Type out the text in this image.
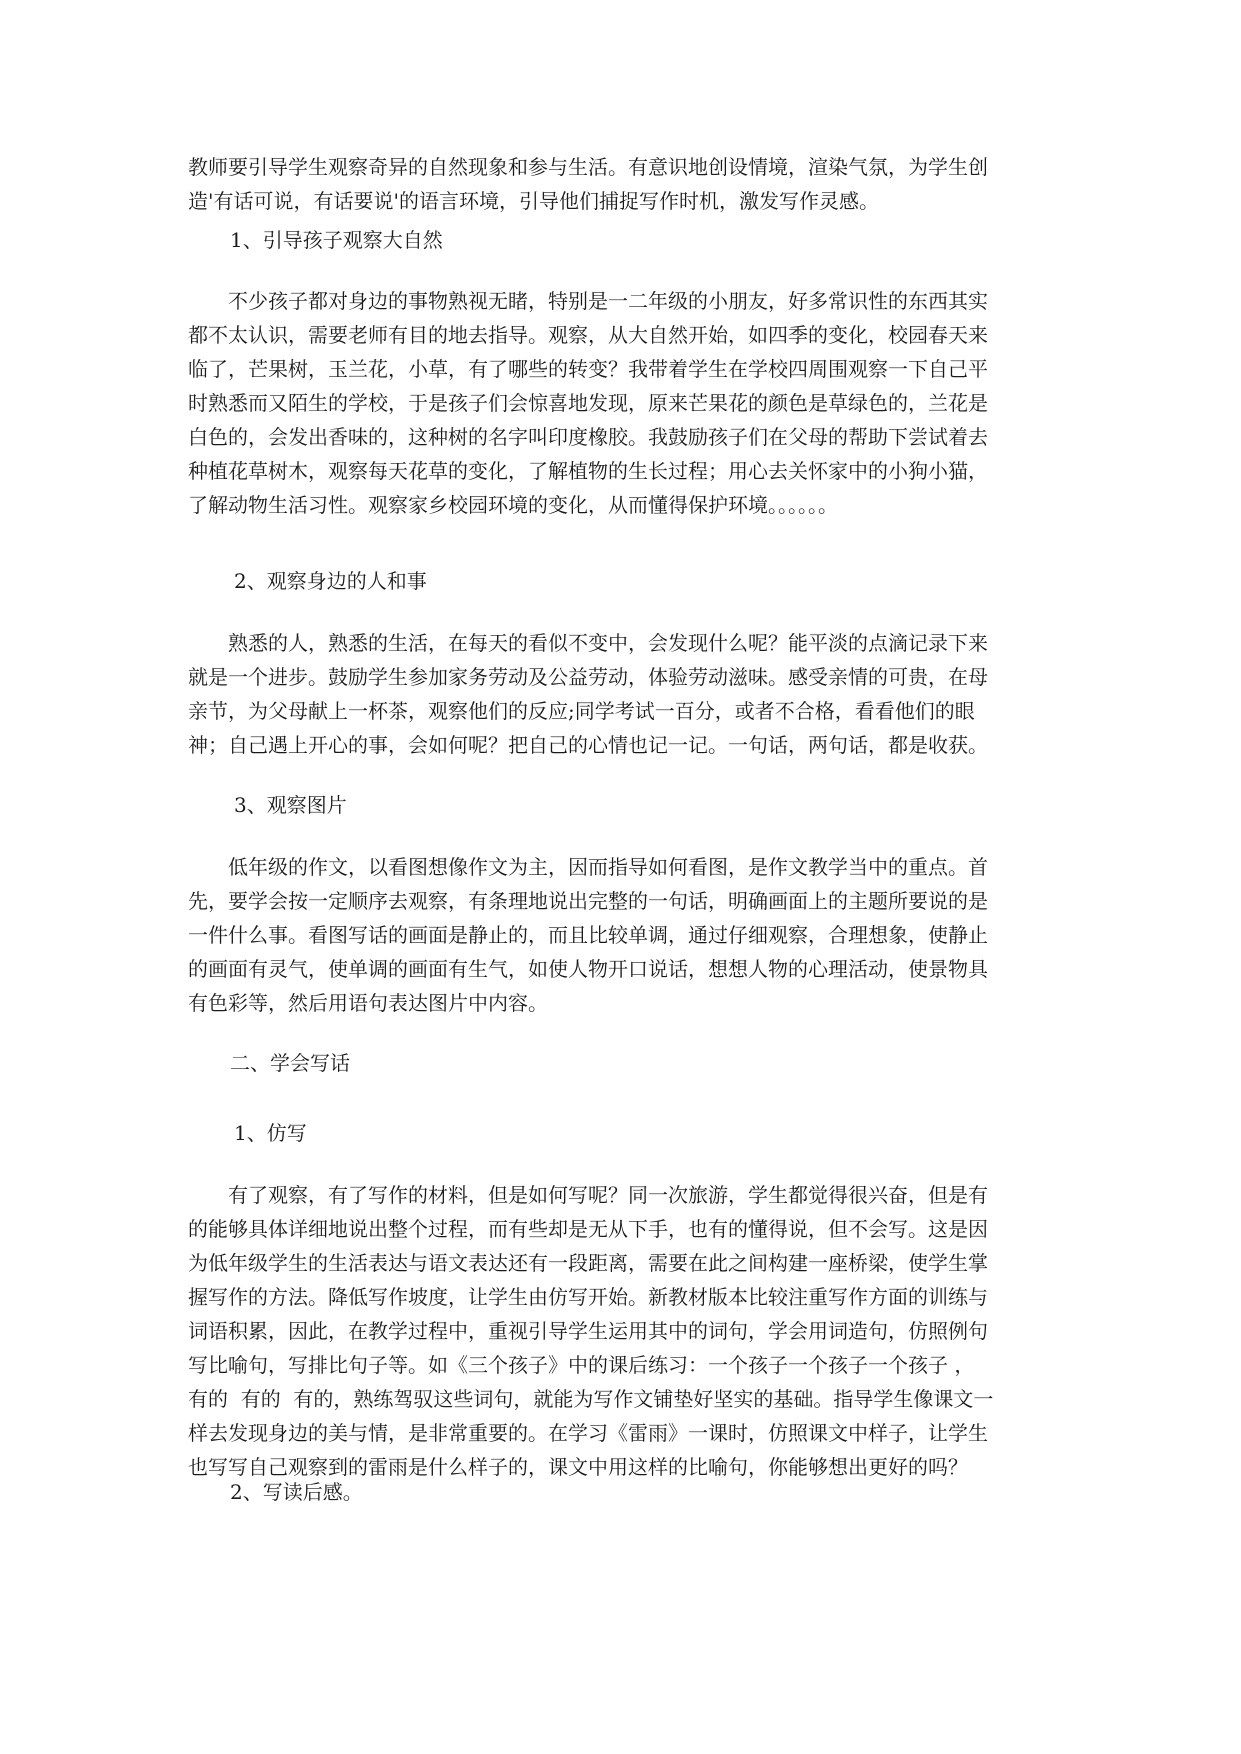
教师要引导学生观察奇异的自然现象和参与生活。有意识地创设情境，渲染气氛，为学生创
造'有话可说，有话要说'的语言环境，引导他们捕捉写作时机，激发写作灵感。
1、引导孩子观察大自然
不少孩子都对身边的事物熟视无睹，特别是一二年级的小朋友，好多常识性的东西其实
都不太认识，需要老师有目的地去指导。观察，从大自然开始，如四季的变化，校园春天来
临了，芒果树，玉兰花，小草，有了哪些的转变？我带着学生在学校四周围观察一下自己平
时熟悉而又陌生的学校，于是孩子们会惊喜地发现，原来芒果花的颜色是草绿色的，兰花是
白色的，会发出香味的，这种树的名字叫印度橡胶。我鼓励孩子们在父母的帮助下尝试着去
种植花草树木，观察每天花草的变化，了解植物的生长过程；用心去关怀家中的小狗小猫，
了解动物生活习性。观察家乡校园环境的变化，从而懂得保护环境。。。。。。
2、观察身边的人和事
熟悉的人，熟悉的生活，在每天的看似不变中，会发现什么呢？能平淡的点滴记录下来
就是一个进步。鼓励学生参加家务劳动及公益劳动，体验劳动滋味。感受亲情的可贵，在母
亲节，为父母献上一杯茶，观察他们的反应;同学考试一百分，或者不合格，看看他们的眼
神；自己遇上开心的事，会如何呢？把自己的心情也记一记。一句话，两句话，都是收获。
3、观察图片
低年级的作文，以看图想像作文为主，因而指导如何看图，是作文教学当中的重点。首
先，要学会按一定顺序去观察，有条理地说出完整的一句话，明确画面上的主题所要说的是
一件什么事。看图写话的画面是静止的，而且比较单调，通过仔细观察，合理想象，使静止
的画面有灵气，使单调的画面有生气，如使人物开口说话，想想人物的心理活动，使景物具
有色彩等，然后用语句表达图片中内容。
二、学会写话
1、仿写
有了观察，有了写作的材料，但是如何写呢？同一次旅游，学生都觉得很兴奋，但是有
的能够具体详细地说出整个过程，而有些却是无从下手，也有的懂得说，但不会写。这是因
为低年级学生的生活表达与语文表达还有一段距离，需要在此之间构建一座桥梁，使学生掌
握写作的方法。降低写作坡度，让学生由仿写开始。新教材版本比较注重写作方面的训练与
词语积累，因此，在教学过程中，重视引导学生运用其中的词句，学会用词造句，仿照例句
写比喻句，写排比句子等。如《三个孩子》中的课后练习：一个孩子一个孩子一个孩子 ，
有的  有的  有的，熟练驾驭这些词句，就能为写作文铺垫好坚实的基础。指导学生像课文一
样去发现身边的美与情，是非常重要的。在学习《雷雨》一课时，仿照课文中样子，让学生
也写写自己观察到的雷雨是什么样子的，课文中用这样的比喻句，你能够想出更好的吗？
2、写读后感。
